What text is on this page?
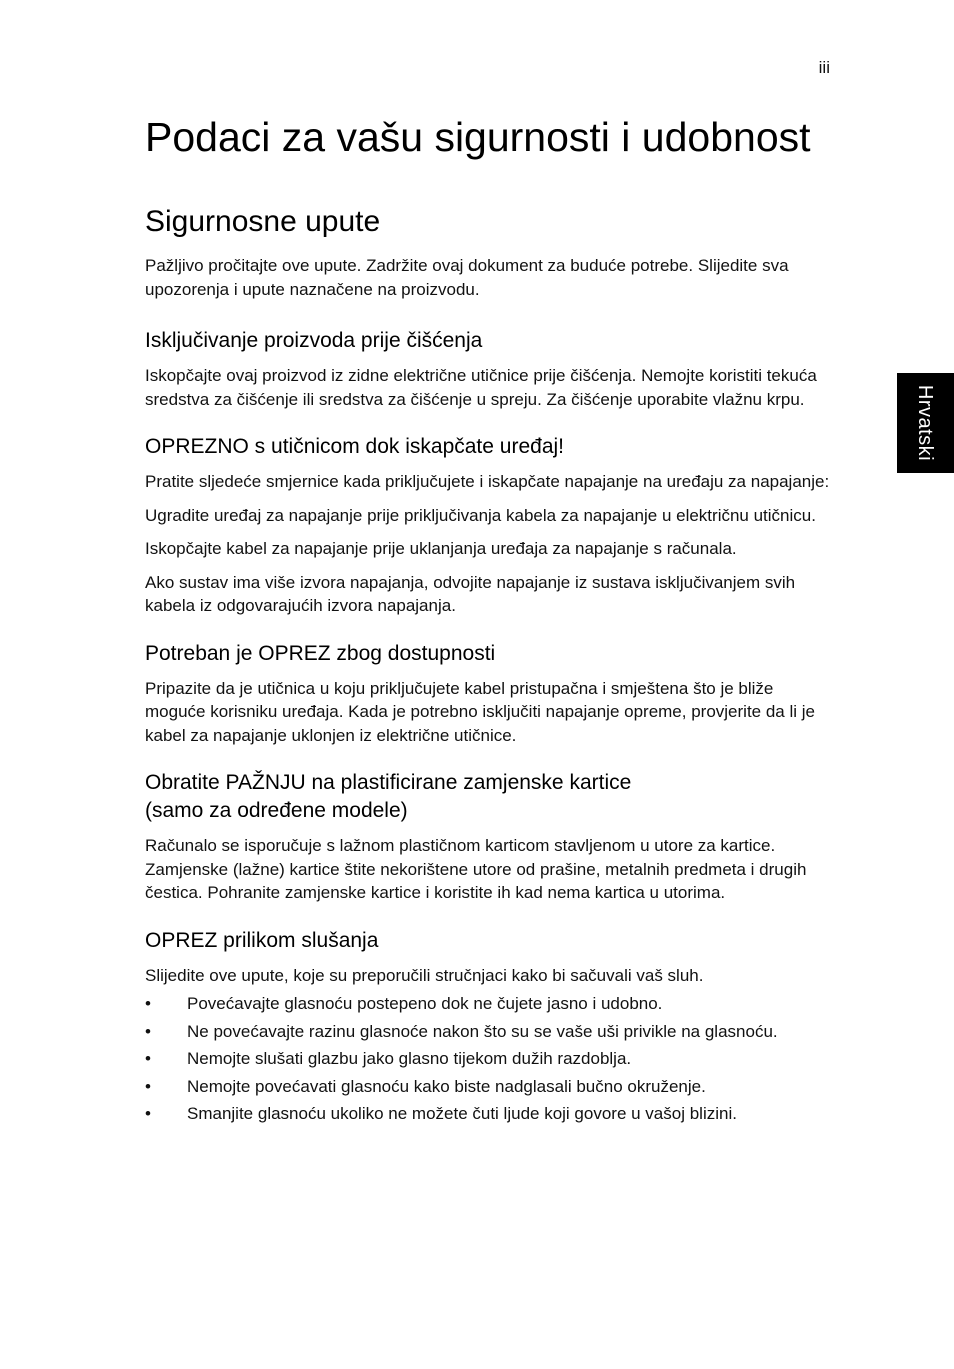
iii
Hrvatski
Podaci za vašu sigurnosti i udobnost
Sigurnosne upute

Pažljivo pročitajte ove upute. Zadržite ovaj dokument za buduće potrebe. Slijedite sva upozorenja i upute naznačene na proizvodu.

Isključivanje proizvoda prije čišćenja

Iskopčajte ovaj proizvod iz zidne električne utičnice prije čišćenja. Nemojte koristiti tekuća sredstva za čišćenje ili sredstva za čišćenje u spreju. Za čišćenje uporabite vlažnu krpu.

OPREZNO s utičnicom dok iskapčate uređaj!

Pratite sljedeće smjernice kada priključujete i iskapčate napajanje na uređaju za napajanje:

Ugradite uređaj za napajanje prije priključivanja kabela za napajanje u električnu utičnicu.

Iskopčajte kabel za napajanje prije uklanjanja uređaja za napajanje s računala.

Ako sustav ima više izvora napajanja, odvojite napajanje iz sustava isključivanjem svih kabela iz odgovarajućih izvora napajanja.

Potreban je OPREZ zbog dostupnosti

Pripazite da je utičnica u koju priključujete kabel pristupačna i smještena što je bliže moguće korisniku uređaja. Kada je potrebno isključiti napajanje opreme, provjerite da li je kabel za napajanje uklonjen iz električne utičnice.

Obratite PAŽNJU na plastificirane zamjenske kartice
(samo za određene modele)

Računalo se isporučuje s lažnom plastičnom karticom stavljenom u utore za kartice. Zamjenske (lažne) kartice štite nekorištene utore od prašine, metalnih predmeta i drugih čestica. Pohranite zamjenske kartice i koristite ih kad nema kartica u utorima.

OPREZ prilikom slušanja

Slijedite ove upute, koje su preporučili stručnjaci kako bi sačuvali vaš sluh.

• Povećavajte glasnoću postepeno dok ne čujete jasno i udobno.
• Ne povećavajte razinu glasnoće nakon što su se vaše uši privikle na glasnoću.
• Nemojte slušati glazbu jako glasno tijekom dužih razdoblja.
• Nemojte povećavati glasnoću kako biste nadglasali bučno okruženje.
• Smanjite glasnoću ukoliko ne možete čuti ljude koji govore u vašoj blizini.
